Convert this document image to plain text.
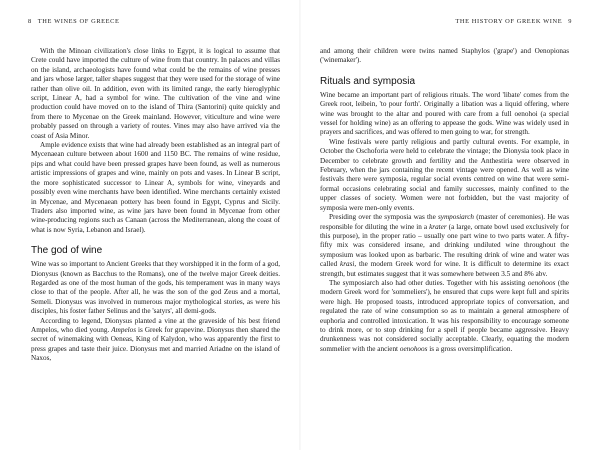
8 THE WINES OF GREECE

With the Minoan civilization's close links to Egypt, it is logical to assume that Crete could have imported the culture of wine from that country. In palaces and villas on the island, archaeologists have found what could be the remains of wine presses and jars whose larger, taller shapes suggest that they were used for the storage of wine rather than olive oil. In addition, even with its limited range, the early hieroglyphic script, Linear A, had a symbol for wine. The cultivation of the vine and wine production could have moved on to the island of Thira (Santorini) quite quickly and from there to Mycenae on the Greek mainland. However, viticulture and wine were probably passed on through a variety of routes. Vines may also have arrived via the coast of Asia Minor.

Ample evidence exists that wine had already been established as an integral part of Mycenaean culture between about 1600 and 1150 BC. The remains of wine residue, pips and what could have been pressed grapes have been found, as well as numerous artistic impressions of grapes and wine, mainly on pots and vases. In Linear B script, the more sophisticated successor to Linear A, symbols for wine, vineyards and possibly even wine merchants have been identified. Wine merchants certainly existed in Mycenae, and Mycenaean pottery has been found in Egypt, Cyprus and Sicily. Traders also imported wine, as wine jars have been found in Mycenae from other wine-producing regions such as Canaan (across the Mediterranean, along the coast of what is now Syria, Lebanon and Israel).

The god of wine

Wine was so important to Ancient Greeks that they worshipped it in the form of a god, Dionysus (known as Bacchus to the Romans), one of the twelve major Greek deities. Regarded as one of the most human of the gods, his temperament was in many ways close to that of the people. After all, he was the son of the god Zeus and a mortal, Semeli. Dionysus was involved in numerous major mythological stories, as were his disciples, his foster father Selinus and the 'satyrs', all demi-gods.

According to legend, Dionysus planted a vine at the graveside of his best friend Ampelos, who died young. Ampelos is Greek for grapevine. Dionysus then shared the secret of winemaking with Oeneas, King of Kalydon, who was apparently the first to press grapes and taste their juice. Dionysus met and married Ariadne on the island of Naxos,

THE HISTORY OF GREEK WINE 9

and among their children were twins named Staphylos ('grape') and Oenopionas ('winemaker').

Rituals and symposia

Wine became an important part of religious rituals. The word 'libate' comes from the Greek root, leibein, 'to pour forth'. Originally a libation was a liquid offering, where wine was brought to the altar and poured with care from a full oenohoi (a special vessel for holding wine) as an offering to appease the gods. Wine was widely used in prayers and sacrifices, and was offered to men going to war, for strength.

Wine festivals were partly religious and partly cultural events. For example, in October the Oschoforia were held to celebrate the vintage; the Dionysia took place in December to celebrate growth and fertility and the Anthestiria were observed in February, when the jars containing the recent vintage were opened. As well as wine festivals there were symposia, regular social events centred on wine that were semi-formal occasions celebrating social and family successes, mainly confined to the upper classes of society. Women were not forbidden, but the vast majority of symposia were men-only events.

Presiding over the symposia was the symposiarch (master of ceremonies). He was responsible for diluting the wine in a krater (a large, ornate bowl used exclusively for this purpose), in the proper ratio – usually one part wine to two parts water. A fifty-fifty mix was considered insane, and drinking undiluted wine throughout the symposium was looked upon as barbaric. The resulting drink of wine and water was called krasi, the modern Greek word for wine. It is difficult to determine its exact strength, but estimates suggest that it was somewhere between 3.5 and 8% abv.

The symposiarch also had other duties. Together with his assisting oenohoos (the modern Greek word for 'sommeliers'), he ensured that cups were kept full and spirits were high. He proposed toasts, introduced appropriate topics of conversation, and regulated the rate of wine consumption so as to maintain a general atmosphere of euphoria and controlled intoxication. It was his responsibility to encourage someone to drink more, or to stop drinking for a spell if people became aggressive. Heavy drunkenness was not considered socially acceptable. Clearly, equating the modern sommelier with the ancient oenohoos is a gross oversimplification.
